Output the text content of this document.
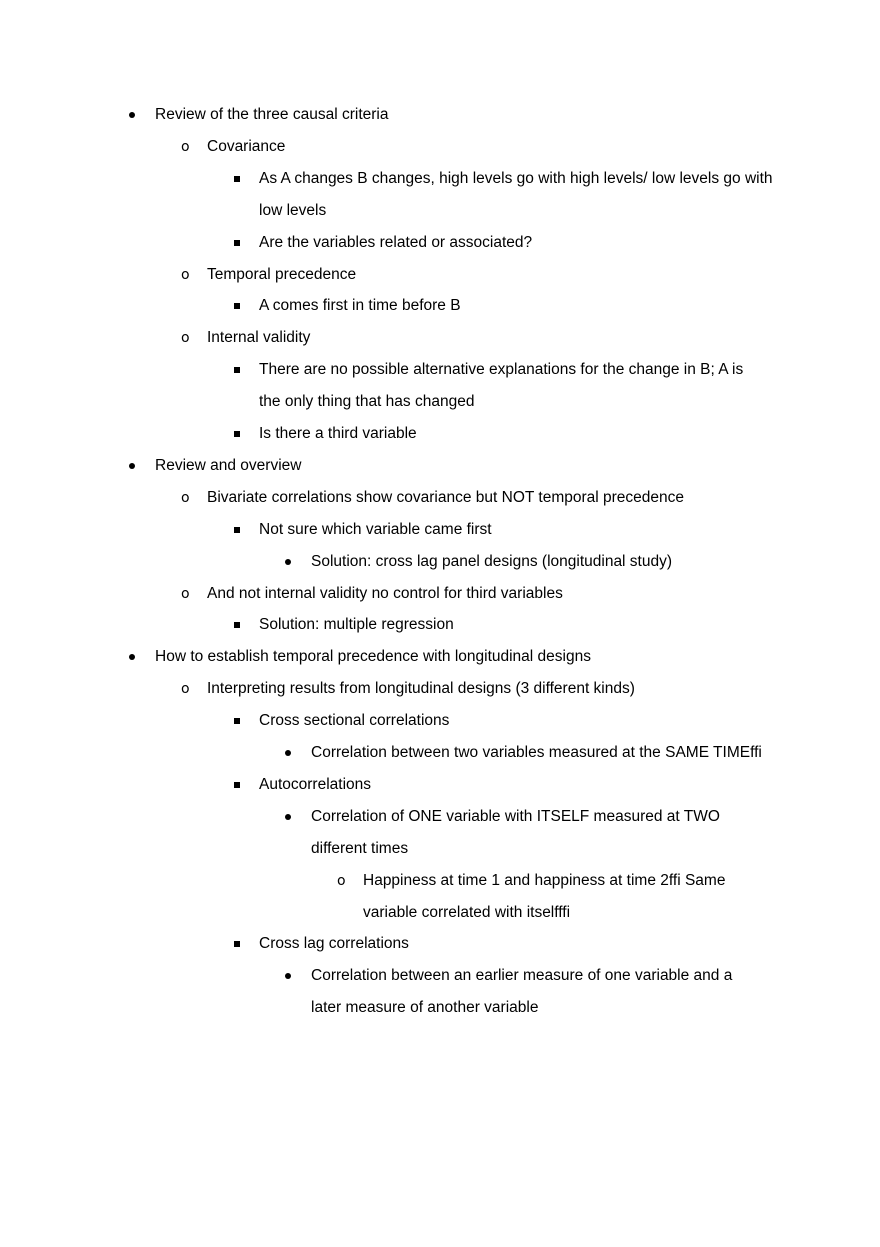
Review of the three causal criteria
o Covariance
As A changes B changes, high levels go with high levels/ low levels go with
low levels
Are the variables related or associated?
o Temporal precedence
A comes first in time before B
o Internal validity
There are no possible alternative explanations for the change in B; A is
the only thing that has changed
Is there a third variable
Review and overview
o Bivariate correlations show covariance but NOT temporal precedence
Not sure which variable came first
Solution: cross lag panel designs (longitudinal study)
o And not internal validity no control for third variables
Solution: multiple regression
How to establish temporal precedence with longitudinal designs
o Interpreting results from longitudinal designs (3 different kinds)
Cross sectional correlations
Correlation between two variables measured at the SAME TIMEffi
Autocorrelations
Correlation of ONE variable with ITSELF measured at TWO
different times
o Happiness at time 1 and happiness at time 2ffi Same
variable correlated with itselfffi
Cross lag correlations
Correlation between an earlier measure of one variable and a
later measure of another variable
